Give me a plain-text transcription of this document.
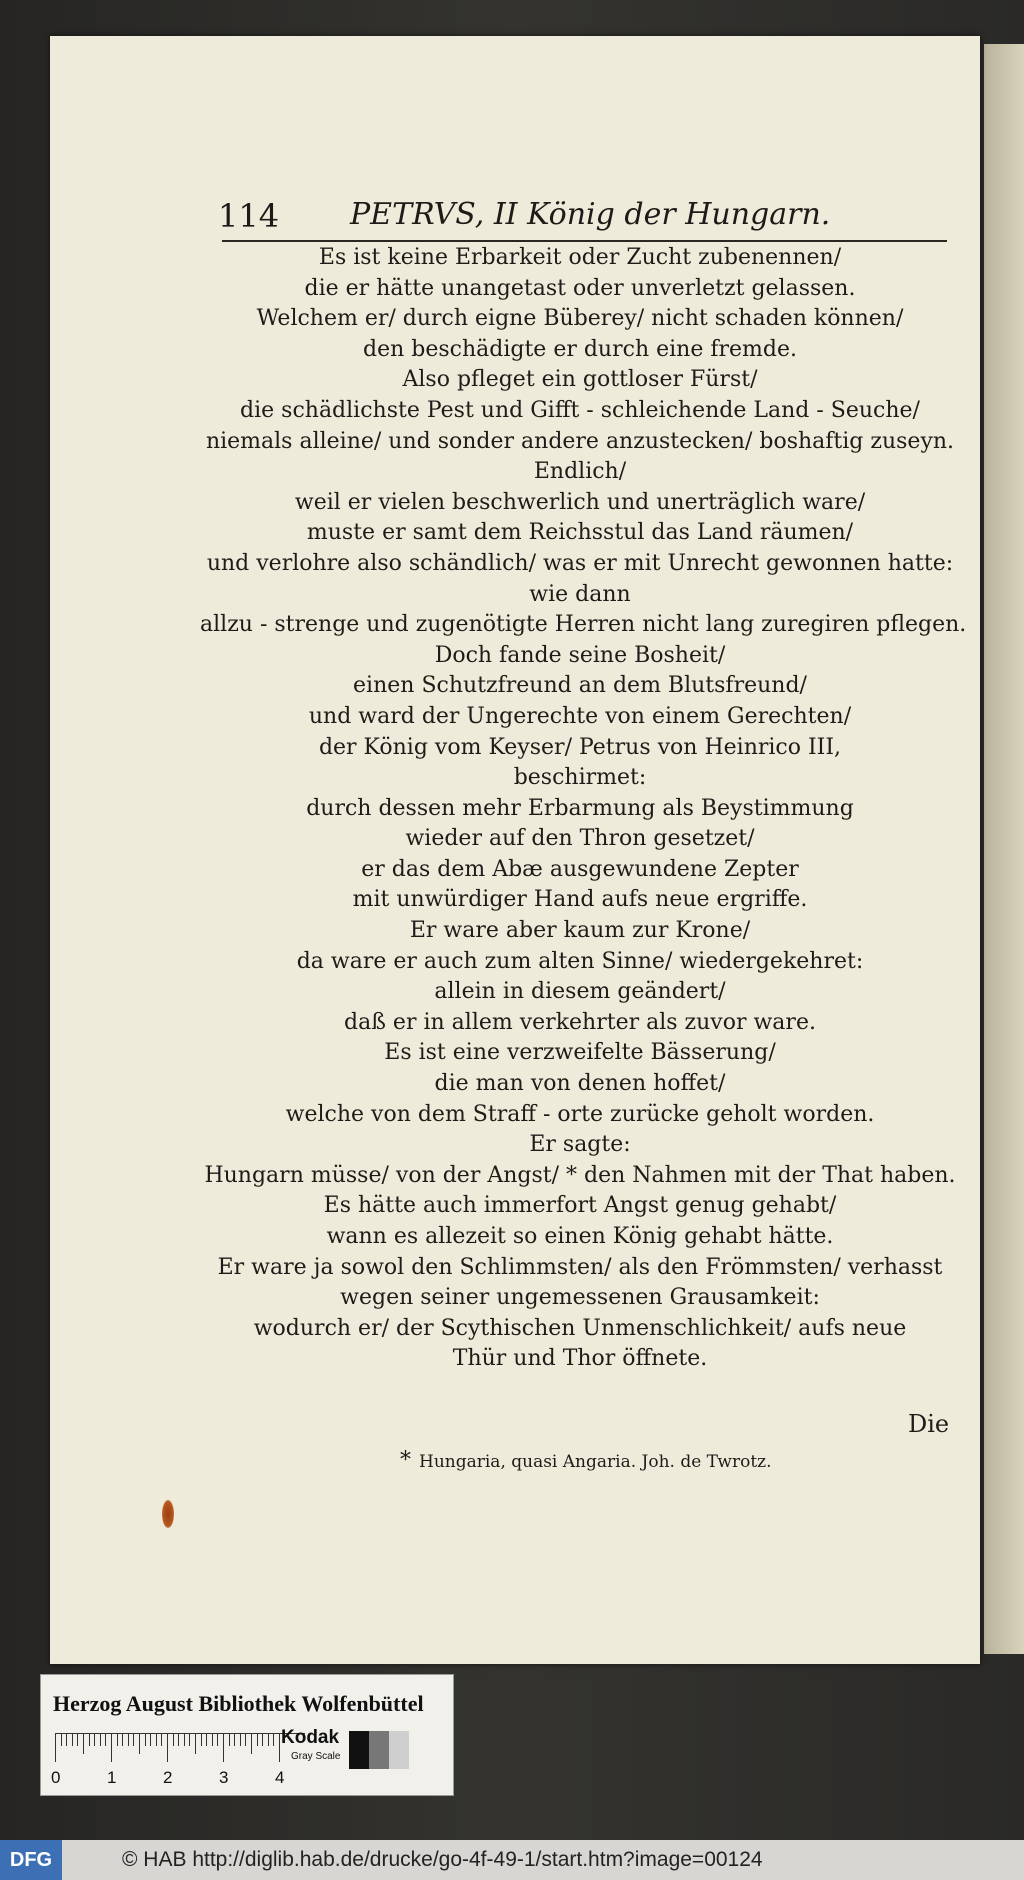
114 PETRVS, II König der Hungarn.
Es ist keine Erbarkeit oder Zucht zubenennen/
die er hätte unangetast oder unverletzt gelassen.
Welchem er/ durch eigne Büberey/ nicht schaden können/
den beschädigte er durch eine fremde.
Also pfleget ein gottloser Fürst/
die schädlichste Pest und Gifft - schleichende Land - Seuche/
niemals alleine/ und sonder andere anzustecken/ boshaftig zuseyn.
Endlich/
weil er vielen beschwerlich und unerträglich ware/
muste er samt dem Reichsstul das Land räumen/
und verlohre also schändlich/ was er mit Unrecht gewonnen hatte:
wie dann
allzu - strenge und zugenötigte Herren nicht lang zuregiren pflegen.
Doch fande seine Bosheit/
einen Schutzfreund an dem Blutsfreund/
und ward der Ungerechte von einem Gerechten/
der König vom Keyser/ Petrus von Heinrico III,
beschirmet:
durch dessen mehr Erbarmung als Beystimmung
wieder auf den Thron gesetzet/
er das dem Abæ ausgewundene Zepter
mit unwürdiger Hand aufs neue ergriffe.
Er ware aber kaum zur Krone/
da ware er auch zum alten Sinne/ wiedergekehret:
allein in diesem geändert/
daß er in allem verkehrter als zuvor ware.
Es ist eine verzweifelte Bässerung/
die man von denen hoffet/
welche von dem Straff - orte zurücke geholt worden.
Er sagte:
Hungarn müsse/ von der Angst/ * den Nahmen mit der That haben.
Es hätte auch immerfort Angst genug gehabt/
wann es allezeit so einen König gehabt hätte.
Er ware ja sowol den Schlimmsten/ als den Frömmsten/ verhasst
wegen seiner ungemessenen Grausamkeit:
wodurch er/ der Scythischen Unmenschlichkeit/ aufs neue
Thür und Thor öffnete.
Die
* Hungaria, quasi Angaria. Joh. de Twrotz.
Herzog August Bibliothek Wolfenbüttel
0	1	2	3	4
Kodak
Gray Scale
DFG	© HAB http://diglib.hab.de/drucke/go-4f-49-1/start.htm?image=00124
